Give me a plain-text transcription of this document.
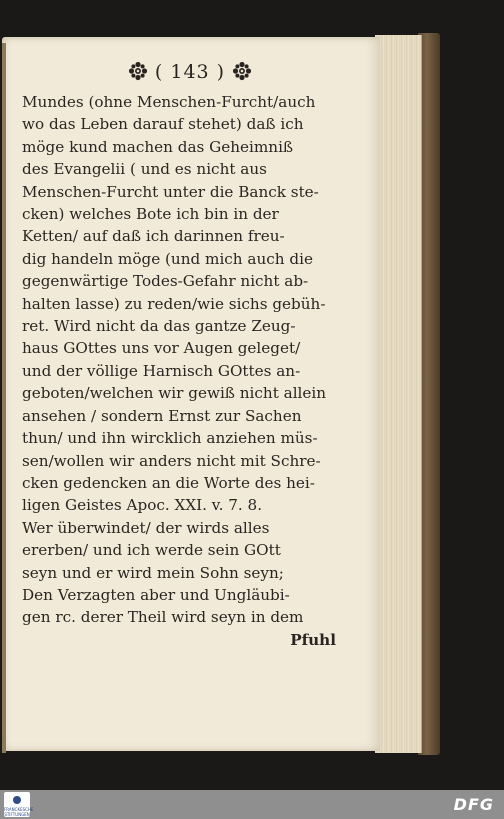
( 143 )
Mundes (ohne Menschen-Furcht/auch
wo das Leben darauf stehet) daß ich
möge kund machen das Geheimniß
des Evangelii ( und es nicht aus
Menschen-Furcht unter die Banck ste-
cken) welches Bote ich bin in der
Ketten/ auf daß ich darinnen freu-
dig handeln möge (und mich auch die
gegenwärtige Todes-Gefahr nicht ab-
halten lasse) zu reden/wie sichs gebüh-
ret. Wird nicht da das gantze Zeug-
haus GOttes uns vor Augen geleget/
und der völlige Harnisch GOttes an-
geboten/welchen wir gewiß nicht allein
ansehen / sondern Ernst zur Sachen
thun/ und ihn wircklich anziehen müs-
sen/wollen wir anders nicht mit Schre-
cken gedencken an die Worte des hei-
ligen Geistes Apoc. XXI. v. 7. 8.
Wer überwindet/ der wirds alles
ererben/ und ich werde sein GOtt
seyn und er wird mein Sohn seyn;
Den Verzagten aber und Ungläubi-
gen rc. derer Theil wird seyn in dem
Pfuhl
FRANCKESCHE STIFTUNGEN
DFG
